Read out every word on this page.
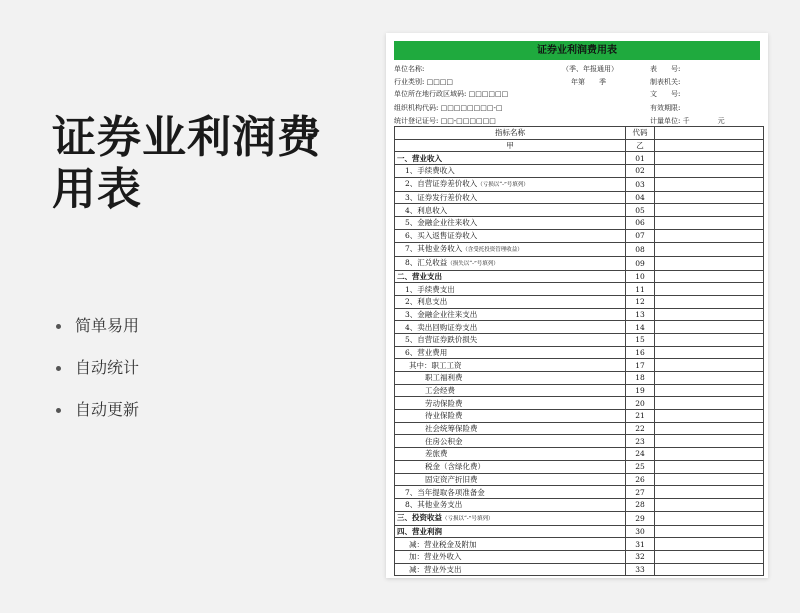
证券业利润费用表
简单易用
自动统计
自动更新
证券业利润费用表
单位名称:	（季、年报通用）	表　　号:
行业类别: □□□□	年第　　季	制表机关:
单位所在地行政区域码: □□□□□□	文　　号:
组织机构代码: □□□□□□□□-□	有效期限:
统计登记证号: □□-□□□□□□	计量单位: 千　　　　元
指标名称	代码	
甲	乙	
一、营业收入	01	
1、手续费收入	02	
2、自营证券差价收入（亏损以“-”号填列）	03	
3、证券发行差价收入	04	
4、利息收入	05	
5、金融企业往来收入	06	
6、买入返售证券收入	07	
7、其他业务收入（含受托投资管理收益）	08	
8、汇兑收益（损失以“-”号填列）	09	
二、营业支出	10	
1、手续费支出	11	
2、利息支出	12	
3、金融企业往来支出	13	
4、卖出回购证券支出	14	
5、自营证券跌价损失	15	
6、营业费用	16	
其中：职工工资	17	
职工福利费	18	
工会经费	19	
劳动保险费	20	
待业保险费	21	
社会统筹保险费	22	
住房公积金	23	
差旅费	24	
税金（含绿化费）	25	
固定资产折旧费	26	
7、当年提取各项准备金	27	
8、其他业务支出	28	
三、投资收益（亏损以“-”号填列）	29	
四、营业利润	30	
减：营业税金及附加	31	
加：营业外收入	32	
减：营业外支出	33	
